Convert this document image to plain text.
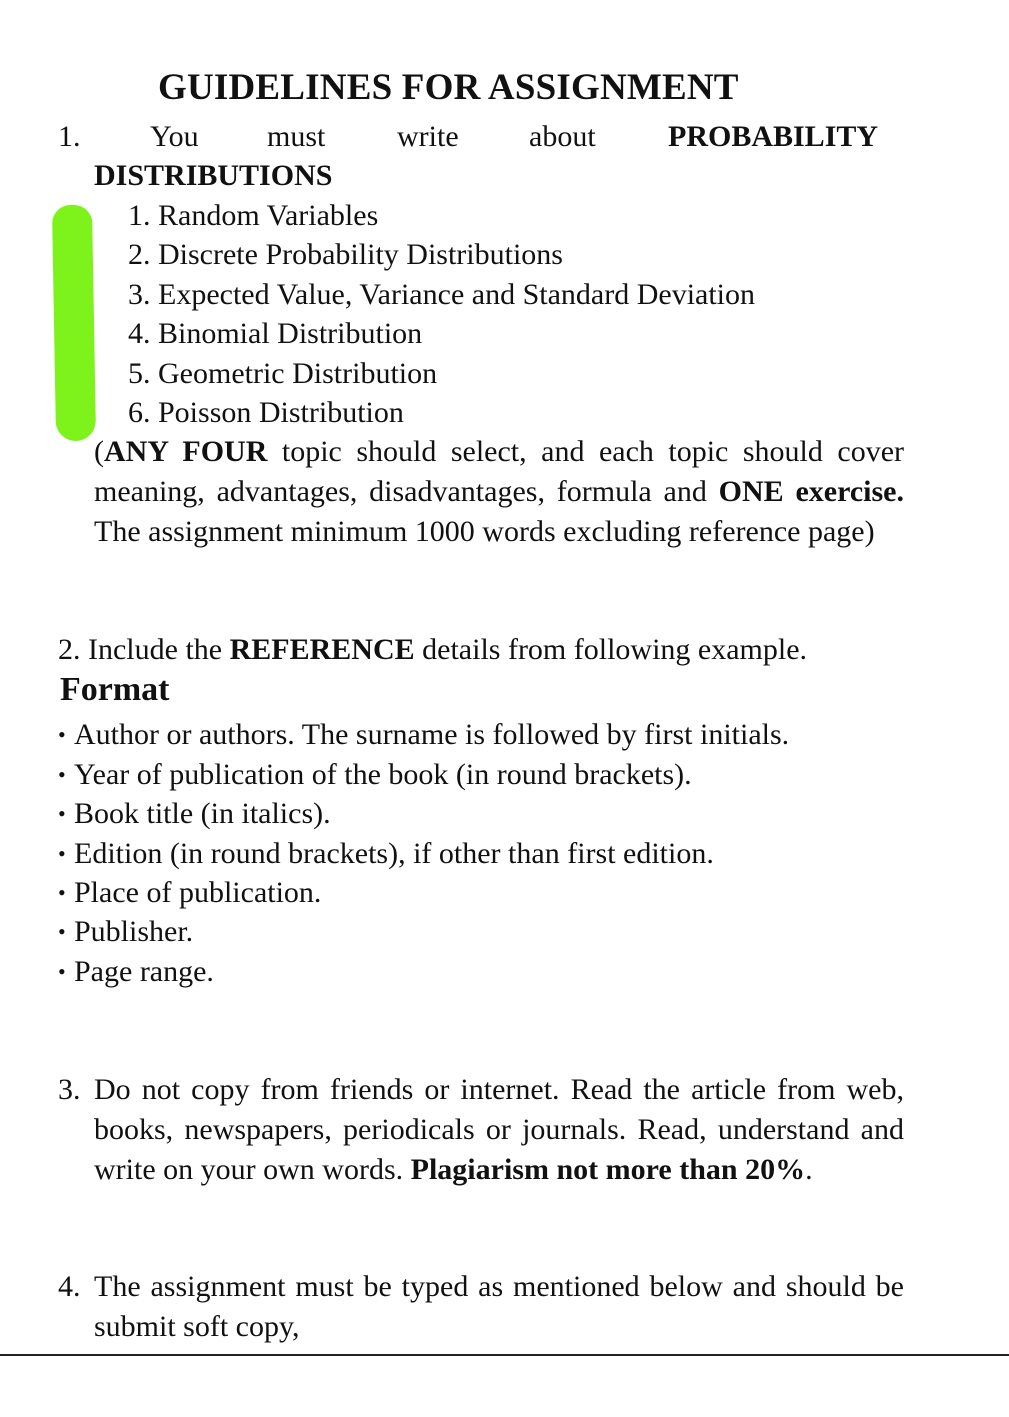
GUIDELINES FOR ASSIGNMENT
1. You must write about PROBABILITY
DISTRIBUTIONS
1. Random Variables
2. Discrete Probability Distributions
3. Expected Value, Variance and Standard Deviation
4. Binomial Distribution
5. Geometric Distribution
6. Poisson Distribution
(ANY FOUR topic should select, and each topic should cover meaning, advantages, disadvantages, formula and ONE exercise. The assignment minimum 1000 words excluding reference page)
2. Include the REFERENCE details from following example.
Format
• Author or authors. The surname is followed by first initials.
• Year of publication of the book (in round brackets).
• Book title (in italics).
• Edition (in round brackets), if other than first edition.
• Place of publication.
• Publisher.
• Page range.
3. Do not copy from friends or internet. Read the article from web, books, newspapers, periodicals or journals. Read, understand and write on your own words. Plagiarism not more than 20%.
4. The assignment must be typed as mentioned below and should be submit soft copy,
